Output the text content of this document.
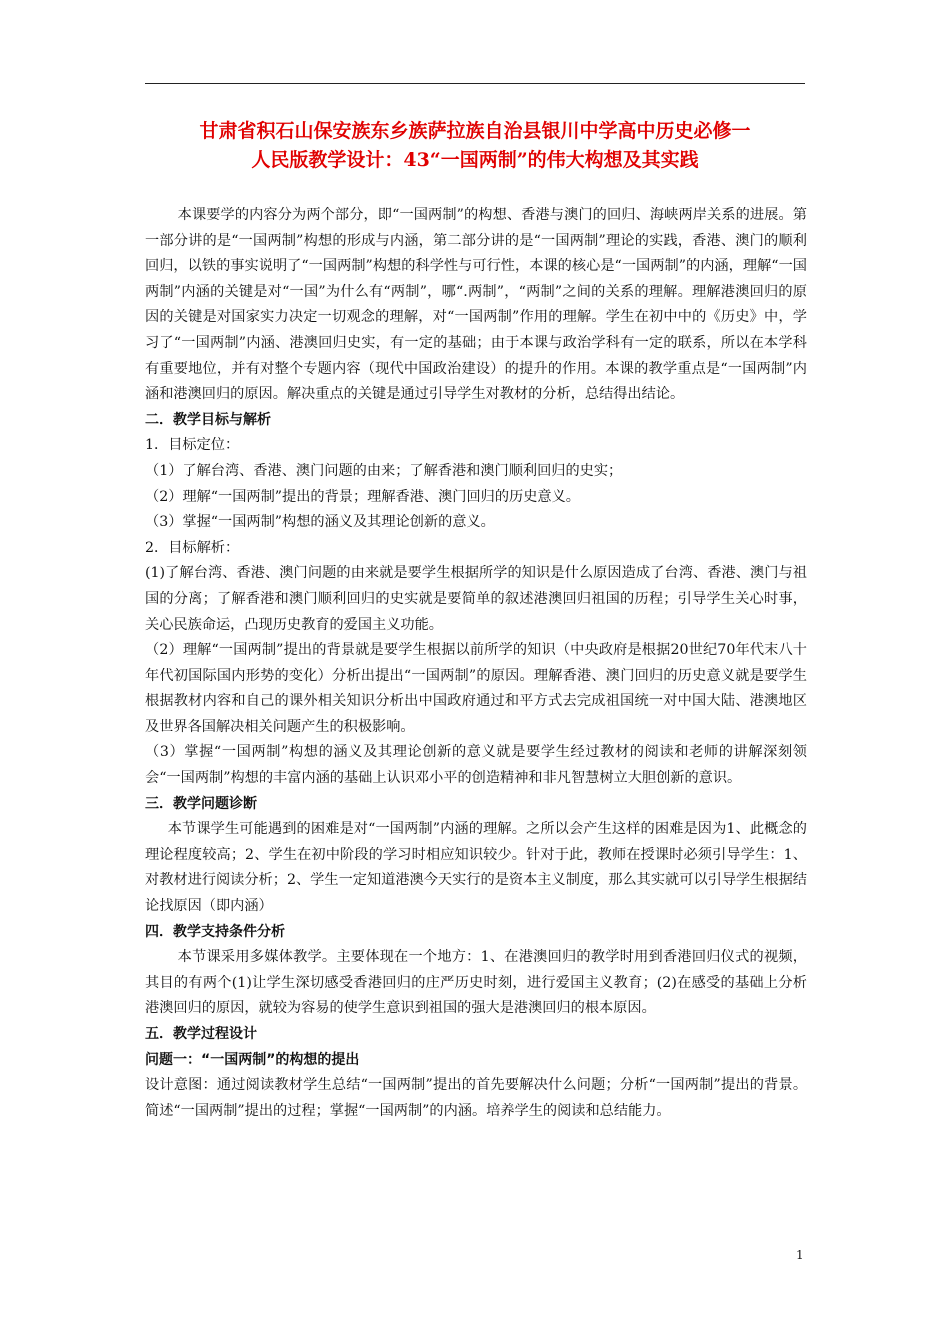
甘肃省积石山保安族东乡族萨拉族自治县银川中学高中历史必修一
人民版教学设计：43“一国两制”的伟大构想及其实践

本课要学的内容分为两个部分，即“一国两制”的构想、香港与澳门的回归、海峡两岸关系的进展。第一部分讲的是“一国两制”构想的形成与内涵，第二部分讲的是“一国两制”理论的实践，香港、澳门的顺利回归，以铁的事实说明了“一国两制”构想的科学性与可行性，本课的核心是“一国两制”的内涵，理解“一国两制”内涵的关键是对“一国”为什么有“两制”，哪“.两制”，“两制”之间的关系的理解。理解港澳回归的原因的关键是对国家实力决定一切观念的理解，对“一国两制”作用的理解。学生在初中中的《历史》中，学习了“一国两制”内涵、港澳回归史实，有一定的基础；由于本课与政治学科有一定的联系，所以在本学科有重要地位，并有对整个专题内容（现代中国政治建设）的提升的作用。本课的教学重点是“一国两制”内涵和港澳回归的原因。解决重点的关键是通过引导学生对教材的分析，总结得出结论。

二．教学目标与解析

1．目标定位：

（1）了解台湾、香港、澳门问题的由来；了解香港和澳门顺利回归的史实；

（2）理解“一国两制”提出的背景；理解香港、澳门回归的历史意义。

（3）掌握“一国两制”构想的涵义及其理论创新的意义。

2．目标解析：

(1)了解台湾、香港、澳门问题的由来就是要学生根据所学的知识是什么原因造成了台湾、香港、澳门与祖国的分离；了解香港和澳门顺利回归的史实就是要简单的叙述港澳回归祖国的历程；引导学生关心时事，关心民族命运，凸现历史教育的爱国主义功能。

（2）理解“一国两制”提出的背景就是要学生根据以前所学的知识（中央政府是根据20世纪70年代末八十年代初国际国内形势的变化）分析出提出“一国两制”的原因。理解香港、澳门回归的历史意义就是要学生根据教材内容和自己的课外相关知识分析出中国政府通过和平方式去完成祖国统一对中国大陆、港澳地区及世界各国解决相关问题产生的积极影响。

（3）掌握“一国两制”构想的涵义及其理论创新的意义就是要学生经过教材的阅读和老师的讲解深刻领会“一国两制”构想的丰富内涵的基础上认识邓小平的创造精神和非凡智慧树立大胆创新的意识。

三．教学问题诊断

本节课学生可能遇到的困难是对“一国两制”内涵的理解。之所以会产生这样的困难是因为1、此概念的理论程度较高；2、学生在初中阶段的学习时相应知识较少。针对于此，教师在授课时必须引导学生：1、对教材进行阅读分析；2、学生一定知道港澳今天实行的是资本主义制度，那么其实就可以引导学生根据结论找原因（即内涵）

四．教学支持条件分析

本节课采用多媒体教学。主要体现在一个地方：1、在港澳回归的教学时用到香港回归仪式的视频，其目的有两个(1)让学生深切感受香港回归的庄严历史时刻，进行爱国主义教育；(2)在感受的基础上分析港澳回归的原因，就较为容易的使学生意识到祖国的强大是港澳回归的根本原因。

五．教学过程设计

问题一：“一国两制”的构想的提出

设计意图：通过阅读教材学生总结“一国两制”提出的首先要解决什么问题；分析“一国两制”提出的背景。简述“一国两制”提出的过程；掌握“一国两制”的内涵。培养学生的阅读和总结能力。

1
